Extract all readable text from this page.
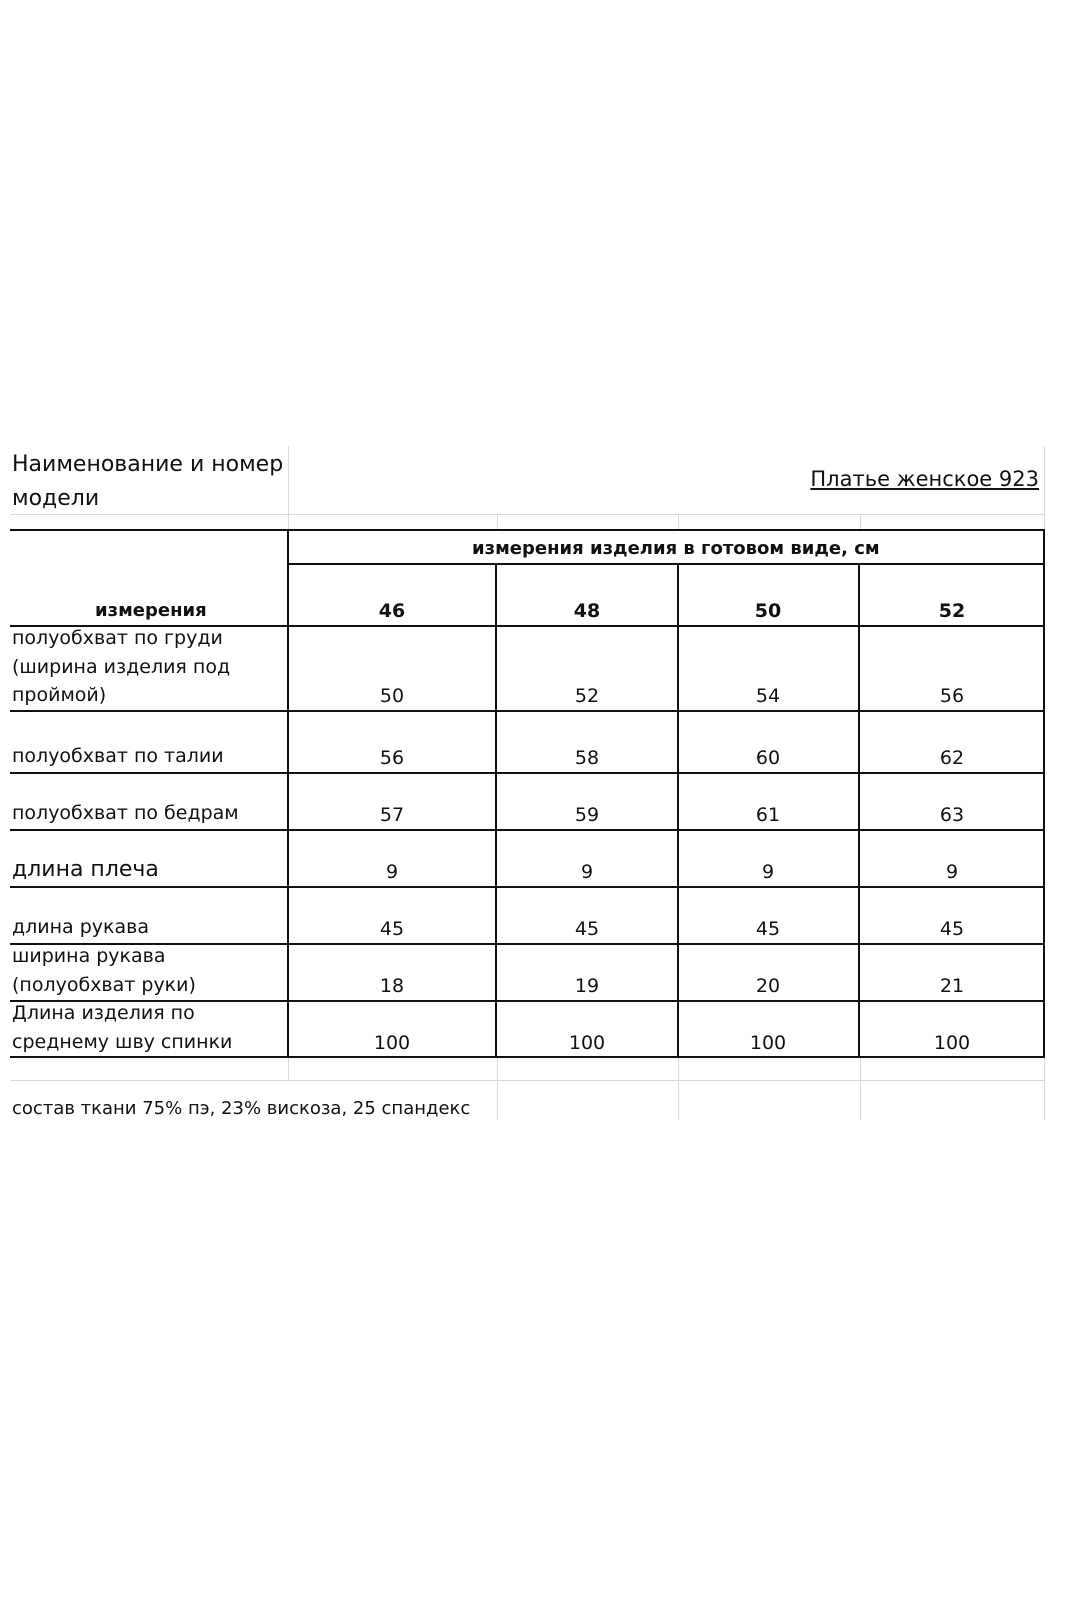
Наименование и номер
модели
Платье женское 923
измерения изделия в готовом виде, см
измерения	46	48	50	52
полуобхват по груди
(ширина изделия под
проймой)	50	52	54	56
полуобхват по талии	56	58	60	62
полуобхват по бедрам	57	59	61	63
длина плеча	9	9	9	9
длина рукава	45	45	45	45
ширина рукава
(полуобхват руки)	18	19	20	21
Длина изделия по
среднему шву спинки	100	100	100	100
состав ткани 75% пэ, 23% вискоза, 25 спандекс
